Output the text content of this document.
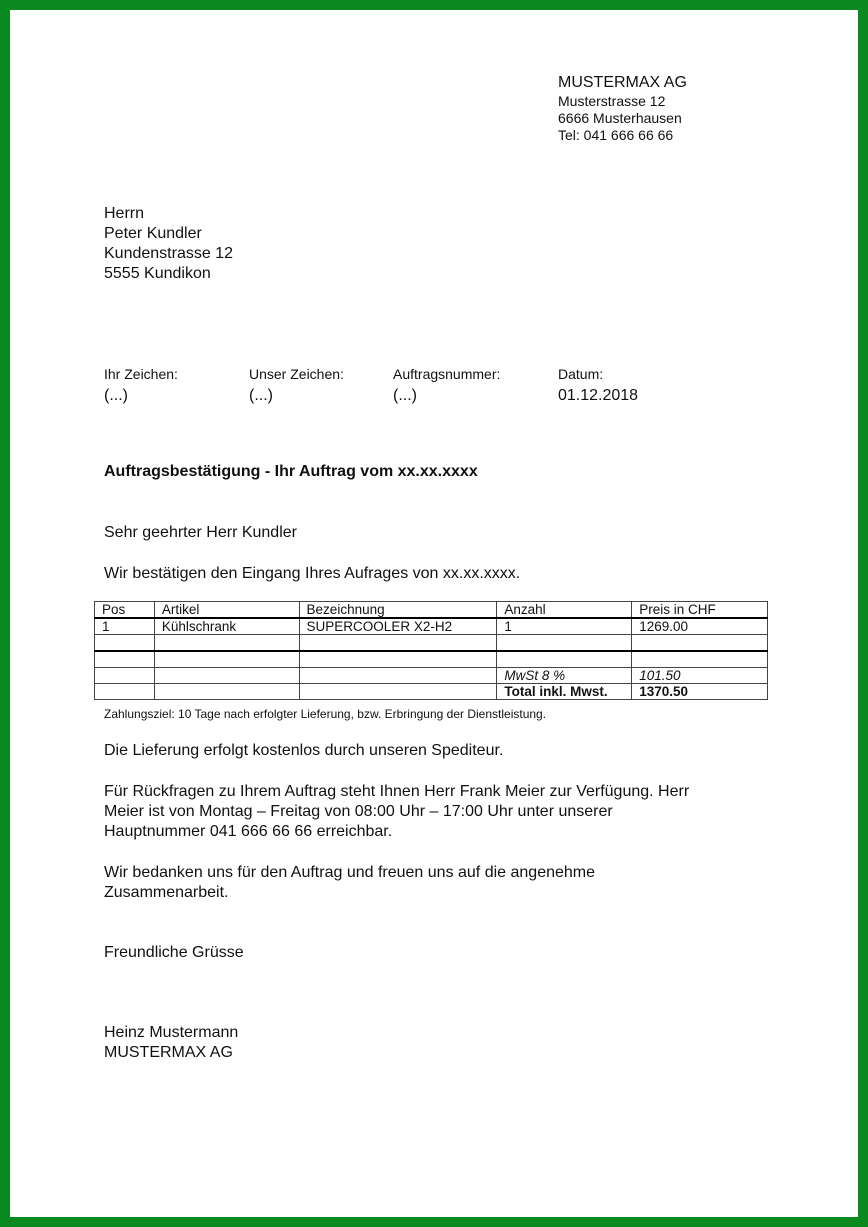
MUSTERMAX AG
Musterstrasse 12
6666 Musterhausen
Tel: 041 666 66 66
Herrn
Peter Kundler
Kundenstrasse 12
5555 Kundikon
Ihr Zeichen:
(...)
Unser Zeichen:
(...)
Auftragsnummer:
(...)
Datum:
01.12.2018
Auftragsbestätigung - Ihr Auftrag vom xx.xx.xxxx
Sehr geehrter Herr Kundler
Wir bestätigen den Eingang Ihres Aufrages von xx.xx.xxxx.
Pos	Artikel	Bezeichnung	Anzahl	Preis in CHF
1	Kühlschrank	SUPERCOOLER X2-H2	1	1269.00

			MwSt 8 %	101.50
			Total inkl. Mwst.	1370.50
Zahlungsziel: 10 Tage nach erfolgter Lieferung, bzw. Erbringung der Dienstleistung.
Die Lieferung erfolgt kostenlos durch unseren Spediteur.
Für Rückfragen zu Ihrem Auftrag steht Ihnen Herr Frank Meier zur Verfügung. Herr
Meier ist von Montag – Freitag von 08:00 Uhr – 17:00 Uhr unter unserer
Hauptnummer 041 666 66 66 erreichbar.
Wir bedanken uns für den Auftrag und freuen uns auf die angenehme
Zusammenarbeit.
Freundliche Grüsse
Heinz Mustermann
MUSTERMAX AG
